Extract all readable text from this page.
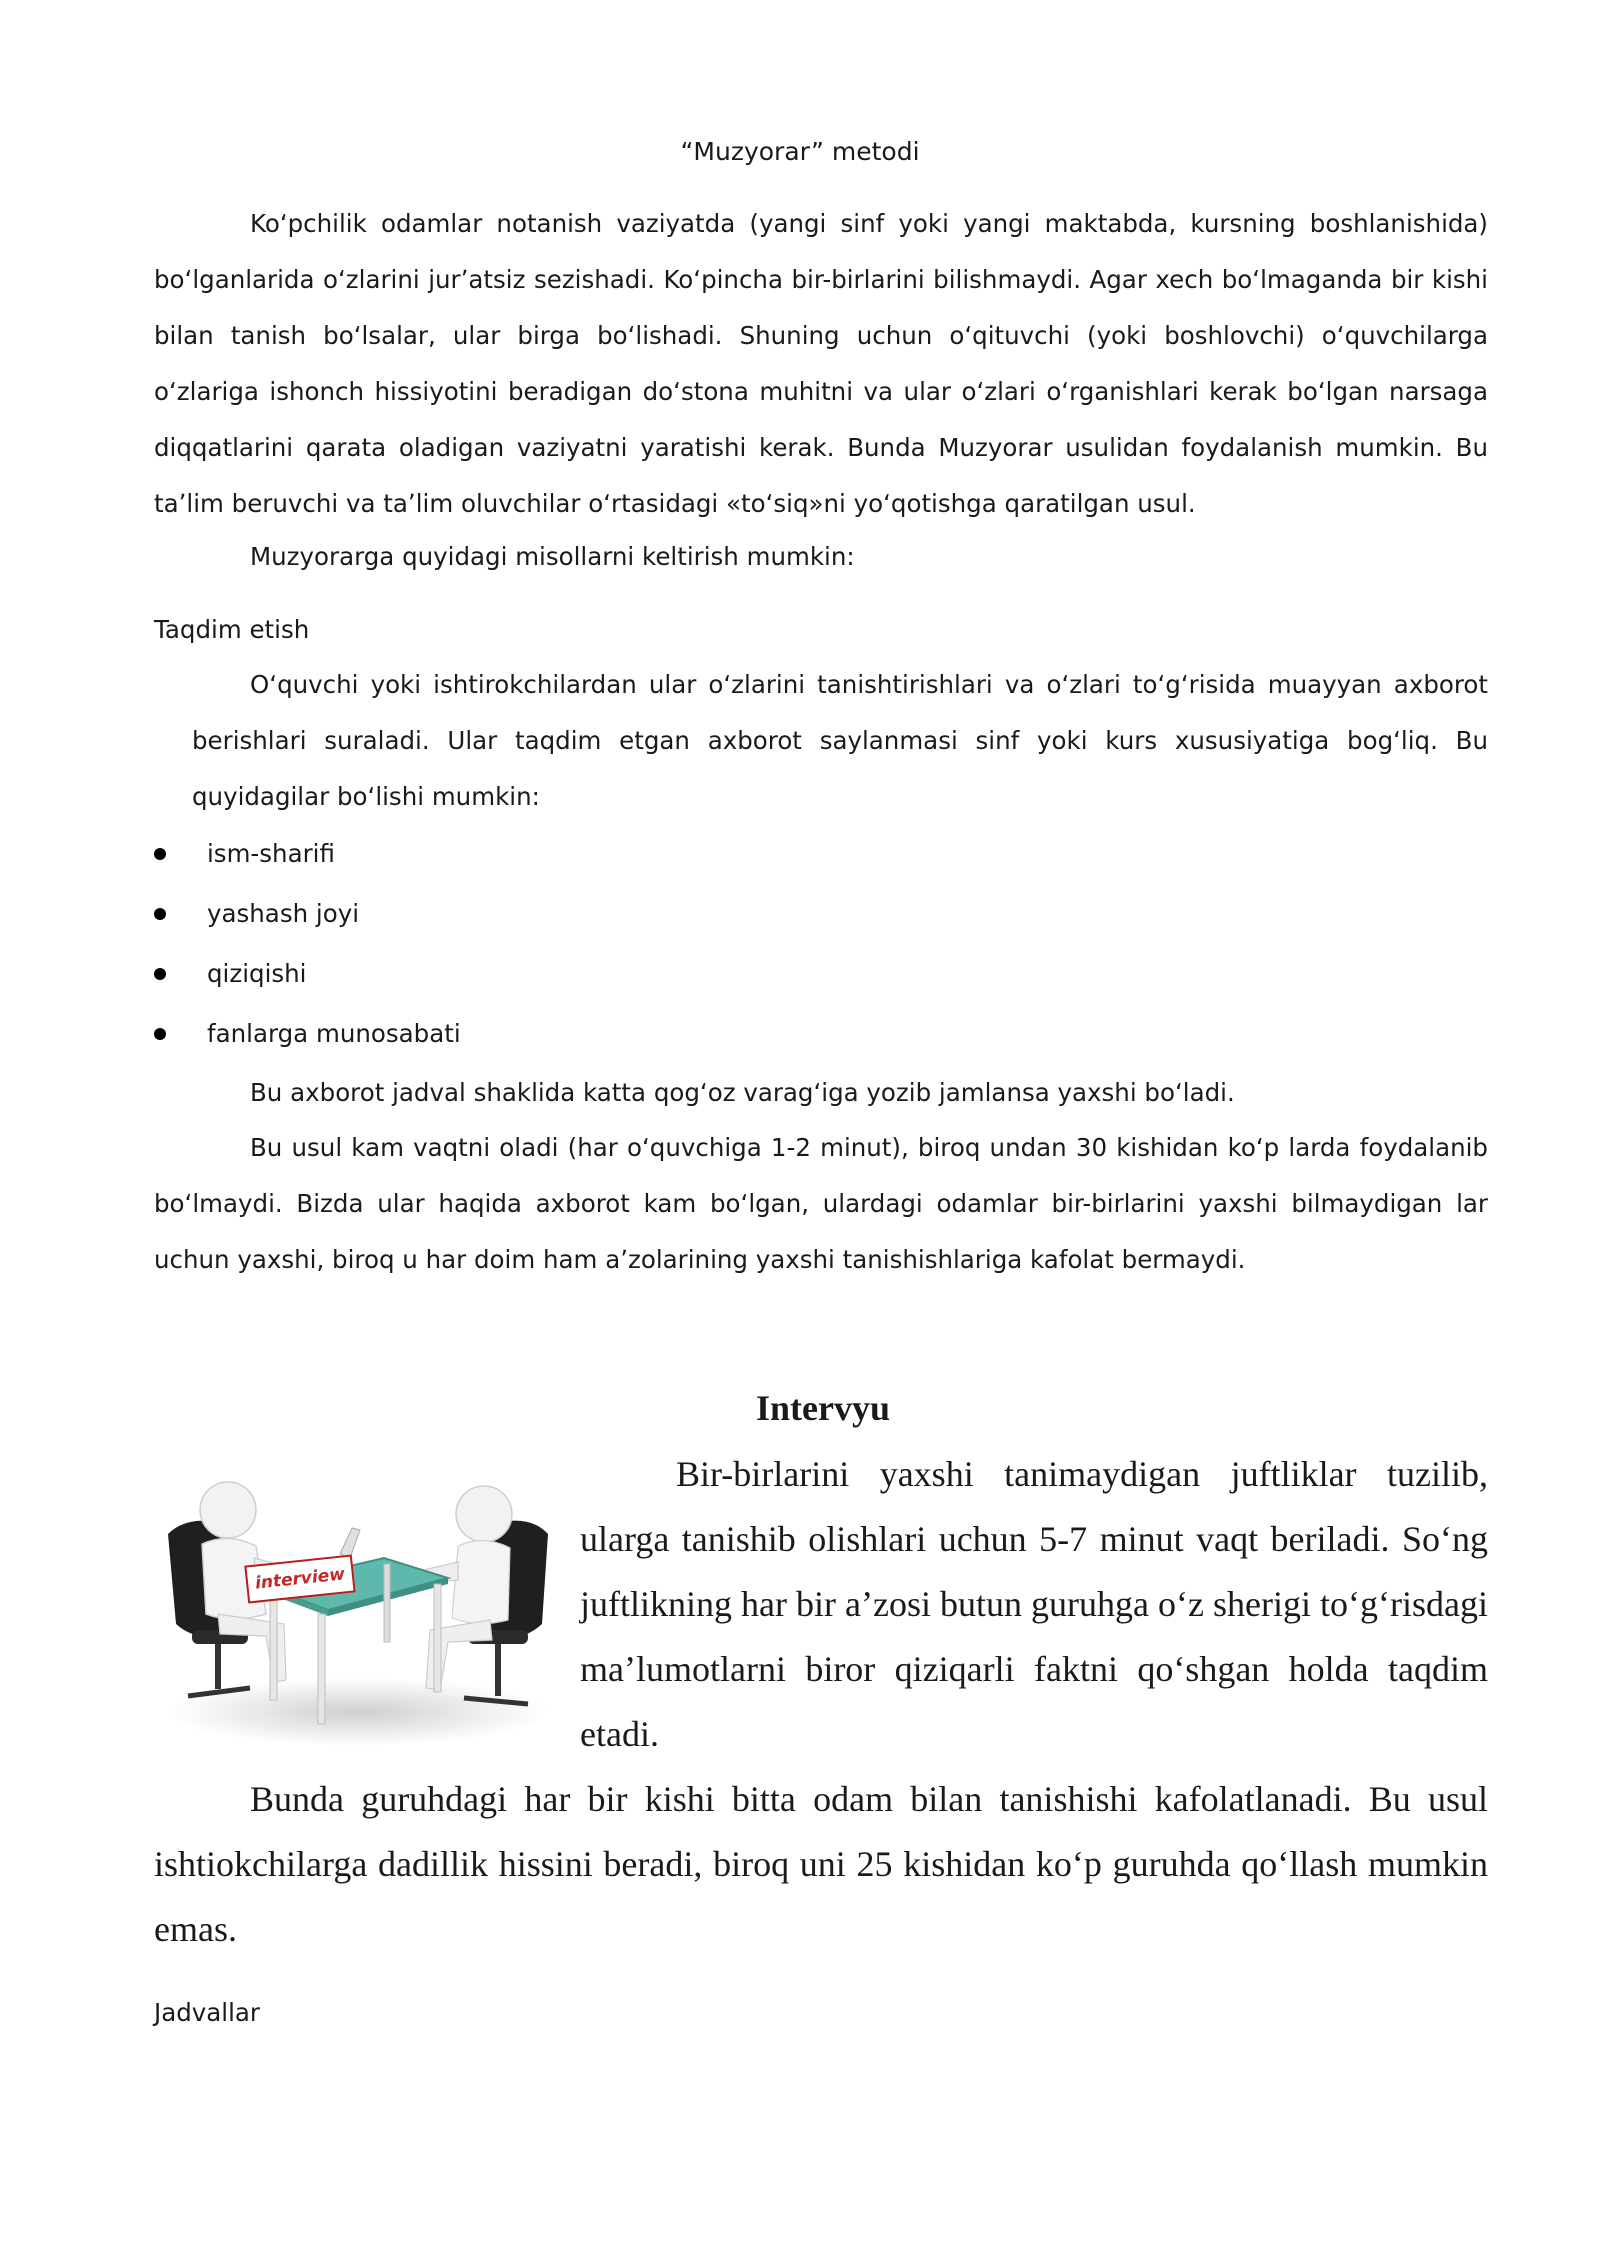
“Muzyorar” metodi

Koʻpchilik odamlar notanish vaziyatda (yangi sinf yoki yangi maktabda, kursning boshlanishida) boʻlganlarida oʻzlarini jurʼatsiz sezishadi. Koʻpincha bir-birlarini bilishmaydi. Agar xech boʻlmaganda bir kishi bilan tanish boʻlsalar, ular birga boʻlishadi. Shuning uchun oʻqituvchi (yoki boshlovchi) oʻquvchilarga oʻzlariga ishonch hissiyotini beradigan doʻstona muhitni va ular oʻzlari oʻrganishlari kerak boʻlgan narsaga diqqatlarini qarata oladigan vaziyatni yaratishi kerak. Bunda Muzyorar usulidan foydalanish mumkin. Bu taʼlim beruvchi va taʼlim oluvchilar oʻrtasidagi «toʻsiq»ni yoʻqotishga qaratilgan usul.

Muzyorarga quyidagi misollarni keltirish mumkin:

Taqdim etish

Oʻquvchi yoki ishtirokchilardan ular oʻzlarini tanishtirishlari va oʻzlari toʻgʻrisida muayyan axborot berishlari suraladi. Ular taqdim etgan axborot saylanmasi sinf yoki kurs xususiyatiga bogʻliq. Bu quyidagilar boʻlishi mumkin:

ism-sharifi
yashash joyi
qiziqishi
fanlarga munosabati

Bu axborot jadval shaklida katta qogʻoz varagʻiga yozib jamlansa yaxshi boʻladi.

Bu usul kam vaqtni oladi (har oʻquvchiga 1-2 minut), biroq undan 30 kishidan koʻp larda foydalanib boʻlmaydi. Bizda ular haqida axborot kam boʻlgan, ulardagi odamlar bir-birlarini yaxshi bilmaydigan lar uchun yaxshi, biroq u har doim ham aʼzolarining yaxshi tanishishlariga kafolat bermaydi.

Intervyu
interview

Bir-birlarini yaxshi tanimaydigan juftliklar tuzilib, ularga tanishib olishlari uchun 5-7 minut vaqt beriladi. Soʻng juftlikning har bir aʼzosi butun guruhga oʻz sherigi toʻgʻrisdagi maʼlumotlarni biror qiziqarli faktni qoʻshgan holda taqdim etadi.

Bunda guruhdagi har bir kishi bitta odam bilan tanishishi kafolatlanadi. Bu usul ishtiokchilarga dadillik hissini beradi, biroq uni 25 kishidan koʻp guruhda qoʻllash mumkin emas.

Jadvallar
